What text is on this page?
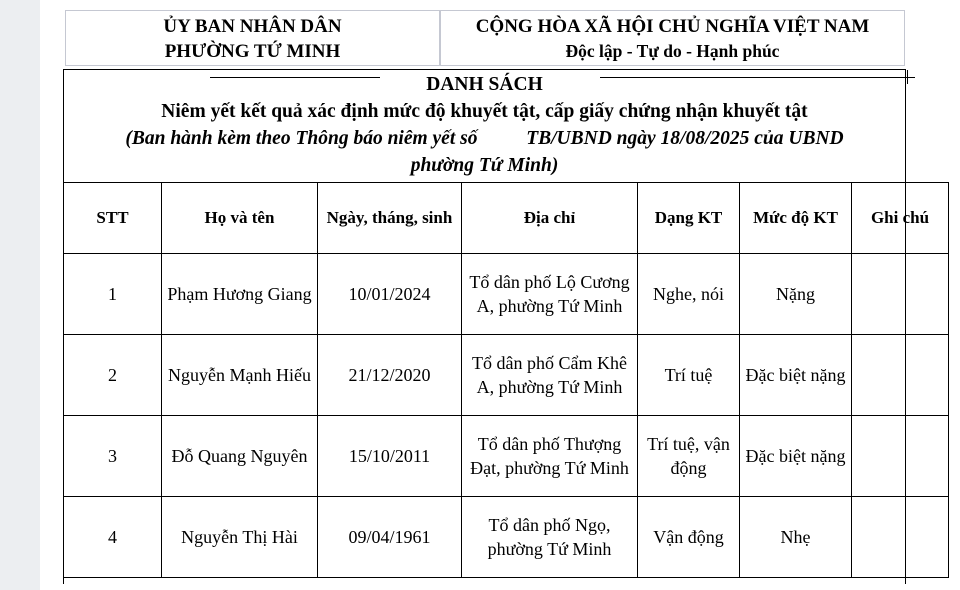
ỦY BAN NHÂN DÂN
PHƯỜNG TỨ MINH
CỘNG HÒA XÃ HỘI CHỦ NGHĨA VIỆT NAM
Độc lập - Tự do - Hạnh phúc
DANH SÁCH
Niêm yết kết quả xác định mức độ khuyết tật, cấp giấy chứng nhận khuyết tật
(Ban hành kèm theo Thông báo niêm yết số          TB/UBND ngày 18/08/2025 của UBND
phường Tứ Minh)
STT	Họ và tên	Ngày, tháng, sinh	Địa chỉ	Dạng KT	Mức độ KT	Ghi chú
1	Phạm Hương Giang	10/01/2024	Tổ dân phố Lộ Cương A, phường Tứ Minh	Nghe, nói	Nặng	
2	Nguyễn Mạnh Hiếu	21/12/2020	Tổ dân phố Cẩm Khê A, phường Tứ Minh	Trí tuệ	Đặc biệt nặng	
3	Đỗ Quang Nguyên	15/10/2011	Tổ dân phố Thượng Đạt, phường Tứ Minh	Trí tuệ, vận động	Đặc biệt nặng	
4	Nguyễn Thị Hài	09/04/1961	Tổ dân phố Ngọ, phường Tứ Minh	Vận động	Nhẹ	
